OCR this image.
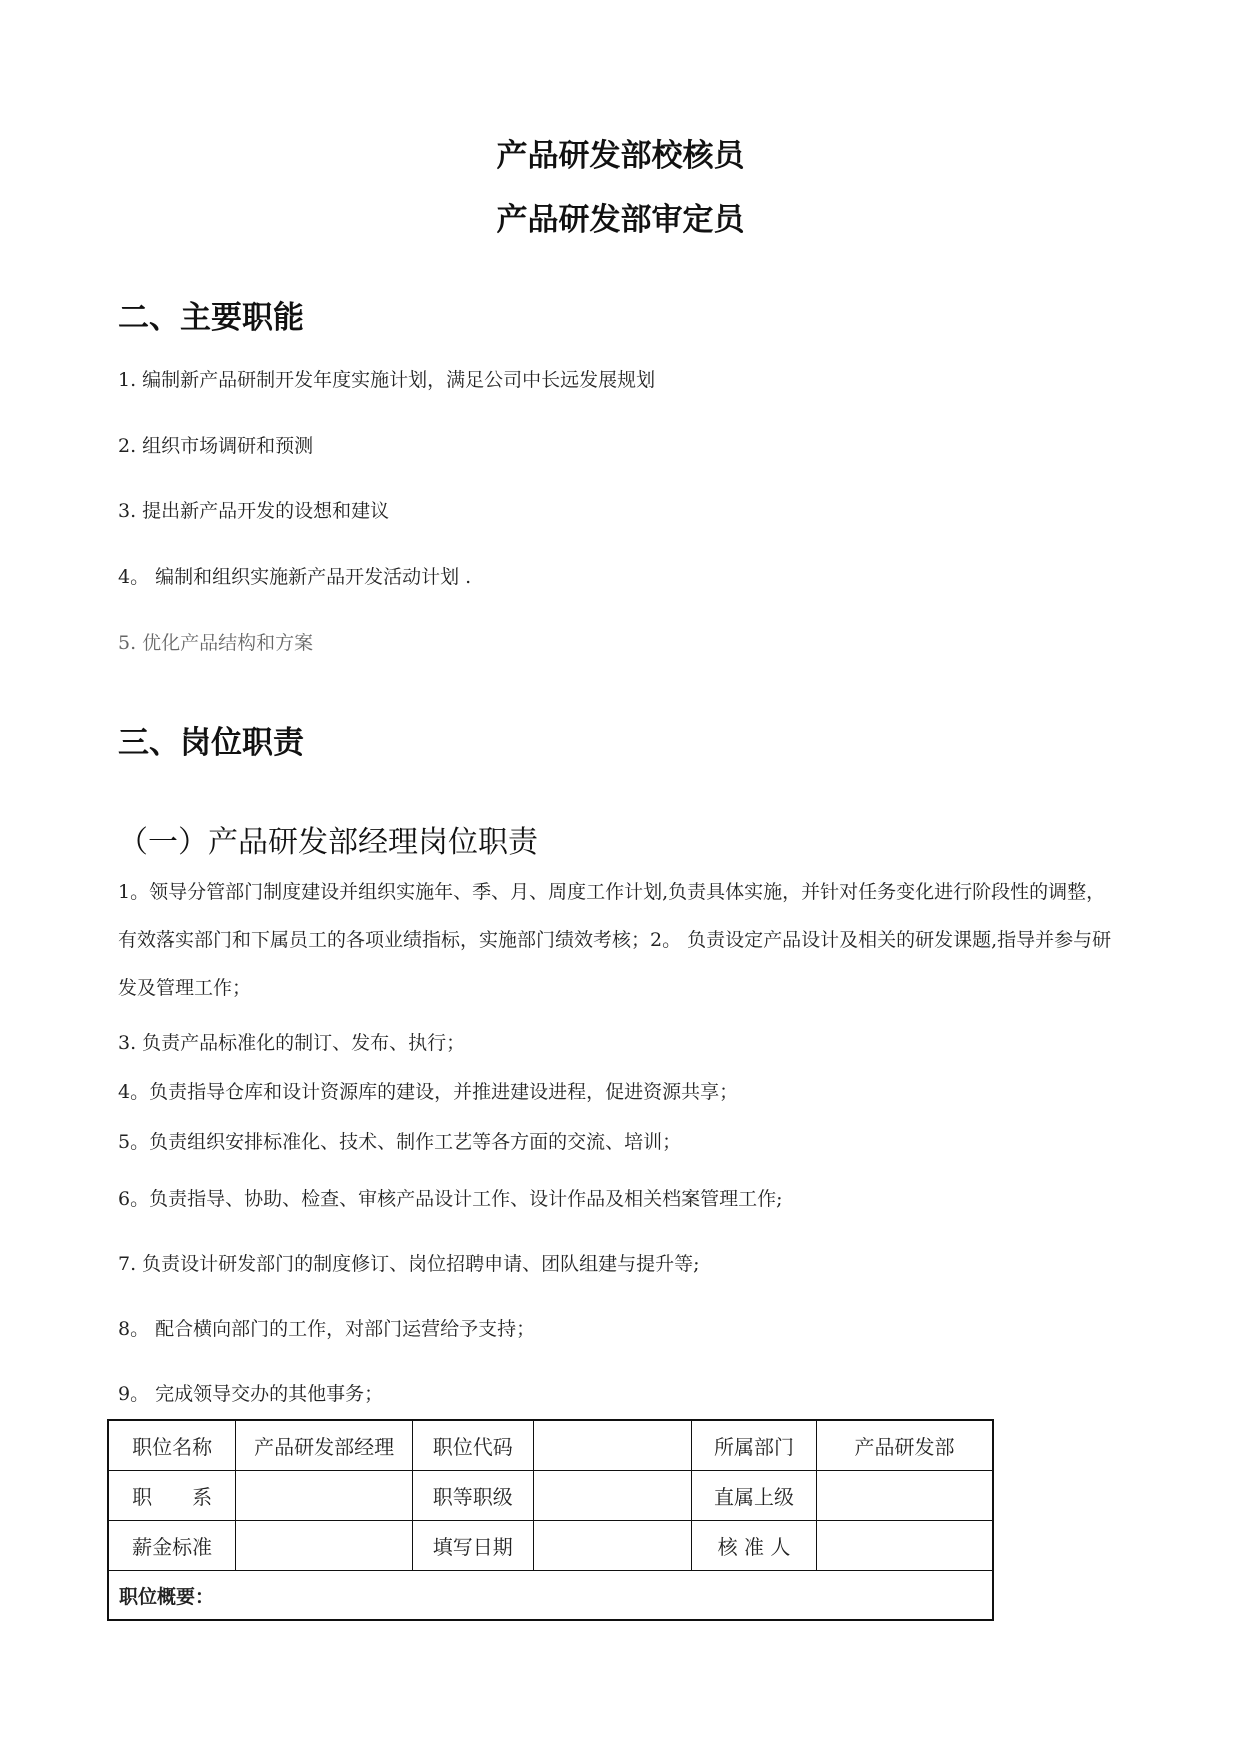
产品研发部校核员
产品研发部审定员
二、主要职能
1. 编制新产品研制开发年度实施计划，满足公司中长远发展规划
2. 组织市场调研和预测
3. 提出新产品开发的设想和建议
4。 编制和组织实施新产品开发活动计划 .
5. 优化产品结构和方案
三、岗位职责
（一）产品研发部经理岗位职责
1。领导分管部门制度建设并组织实施年、季、月、周度工作计划,负责具体实施，并针对任务变化进行阶段性的调整，有效落实部门和下属员工的各项业绩指标，实施部门绩效考核；2。 负责设定产品设计及相关的研发课题,指导并参与研发及管理工作；
3. 负责产品标准化的制订、发布、执行；
4。负责指导仓库和设计资源库的建设，并推进建设进程，促进资源共享；
5。负责组织安排标准化、技术、制作工艺等各方面的交流、培训；
6。负责指导、协助、检查、审核产品设计工作、设计作品及相关档案管理工作;
7. 负责设计研发部门的制度修订、岗位招聘申请、团队组建与提升等;
8。 配合横向部门的工作，对部门运营给予支持；
9。 完成领导交办的其他事务；
职位名称	产品研发部经理	职位代码		所属部门	产品研发部
职　　系		职等职级		直属上级	
薪金标准		填写日期		核 准 人	
职位概要：					
